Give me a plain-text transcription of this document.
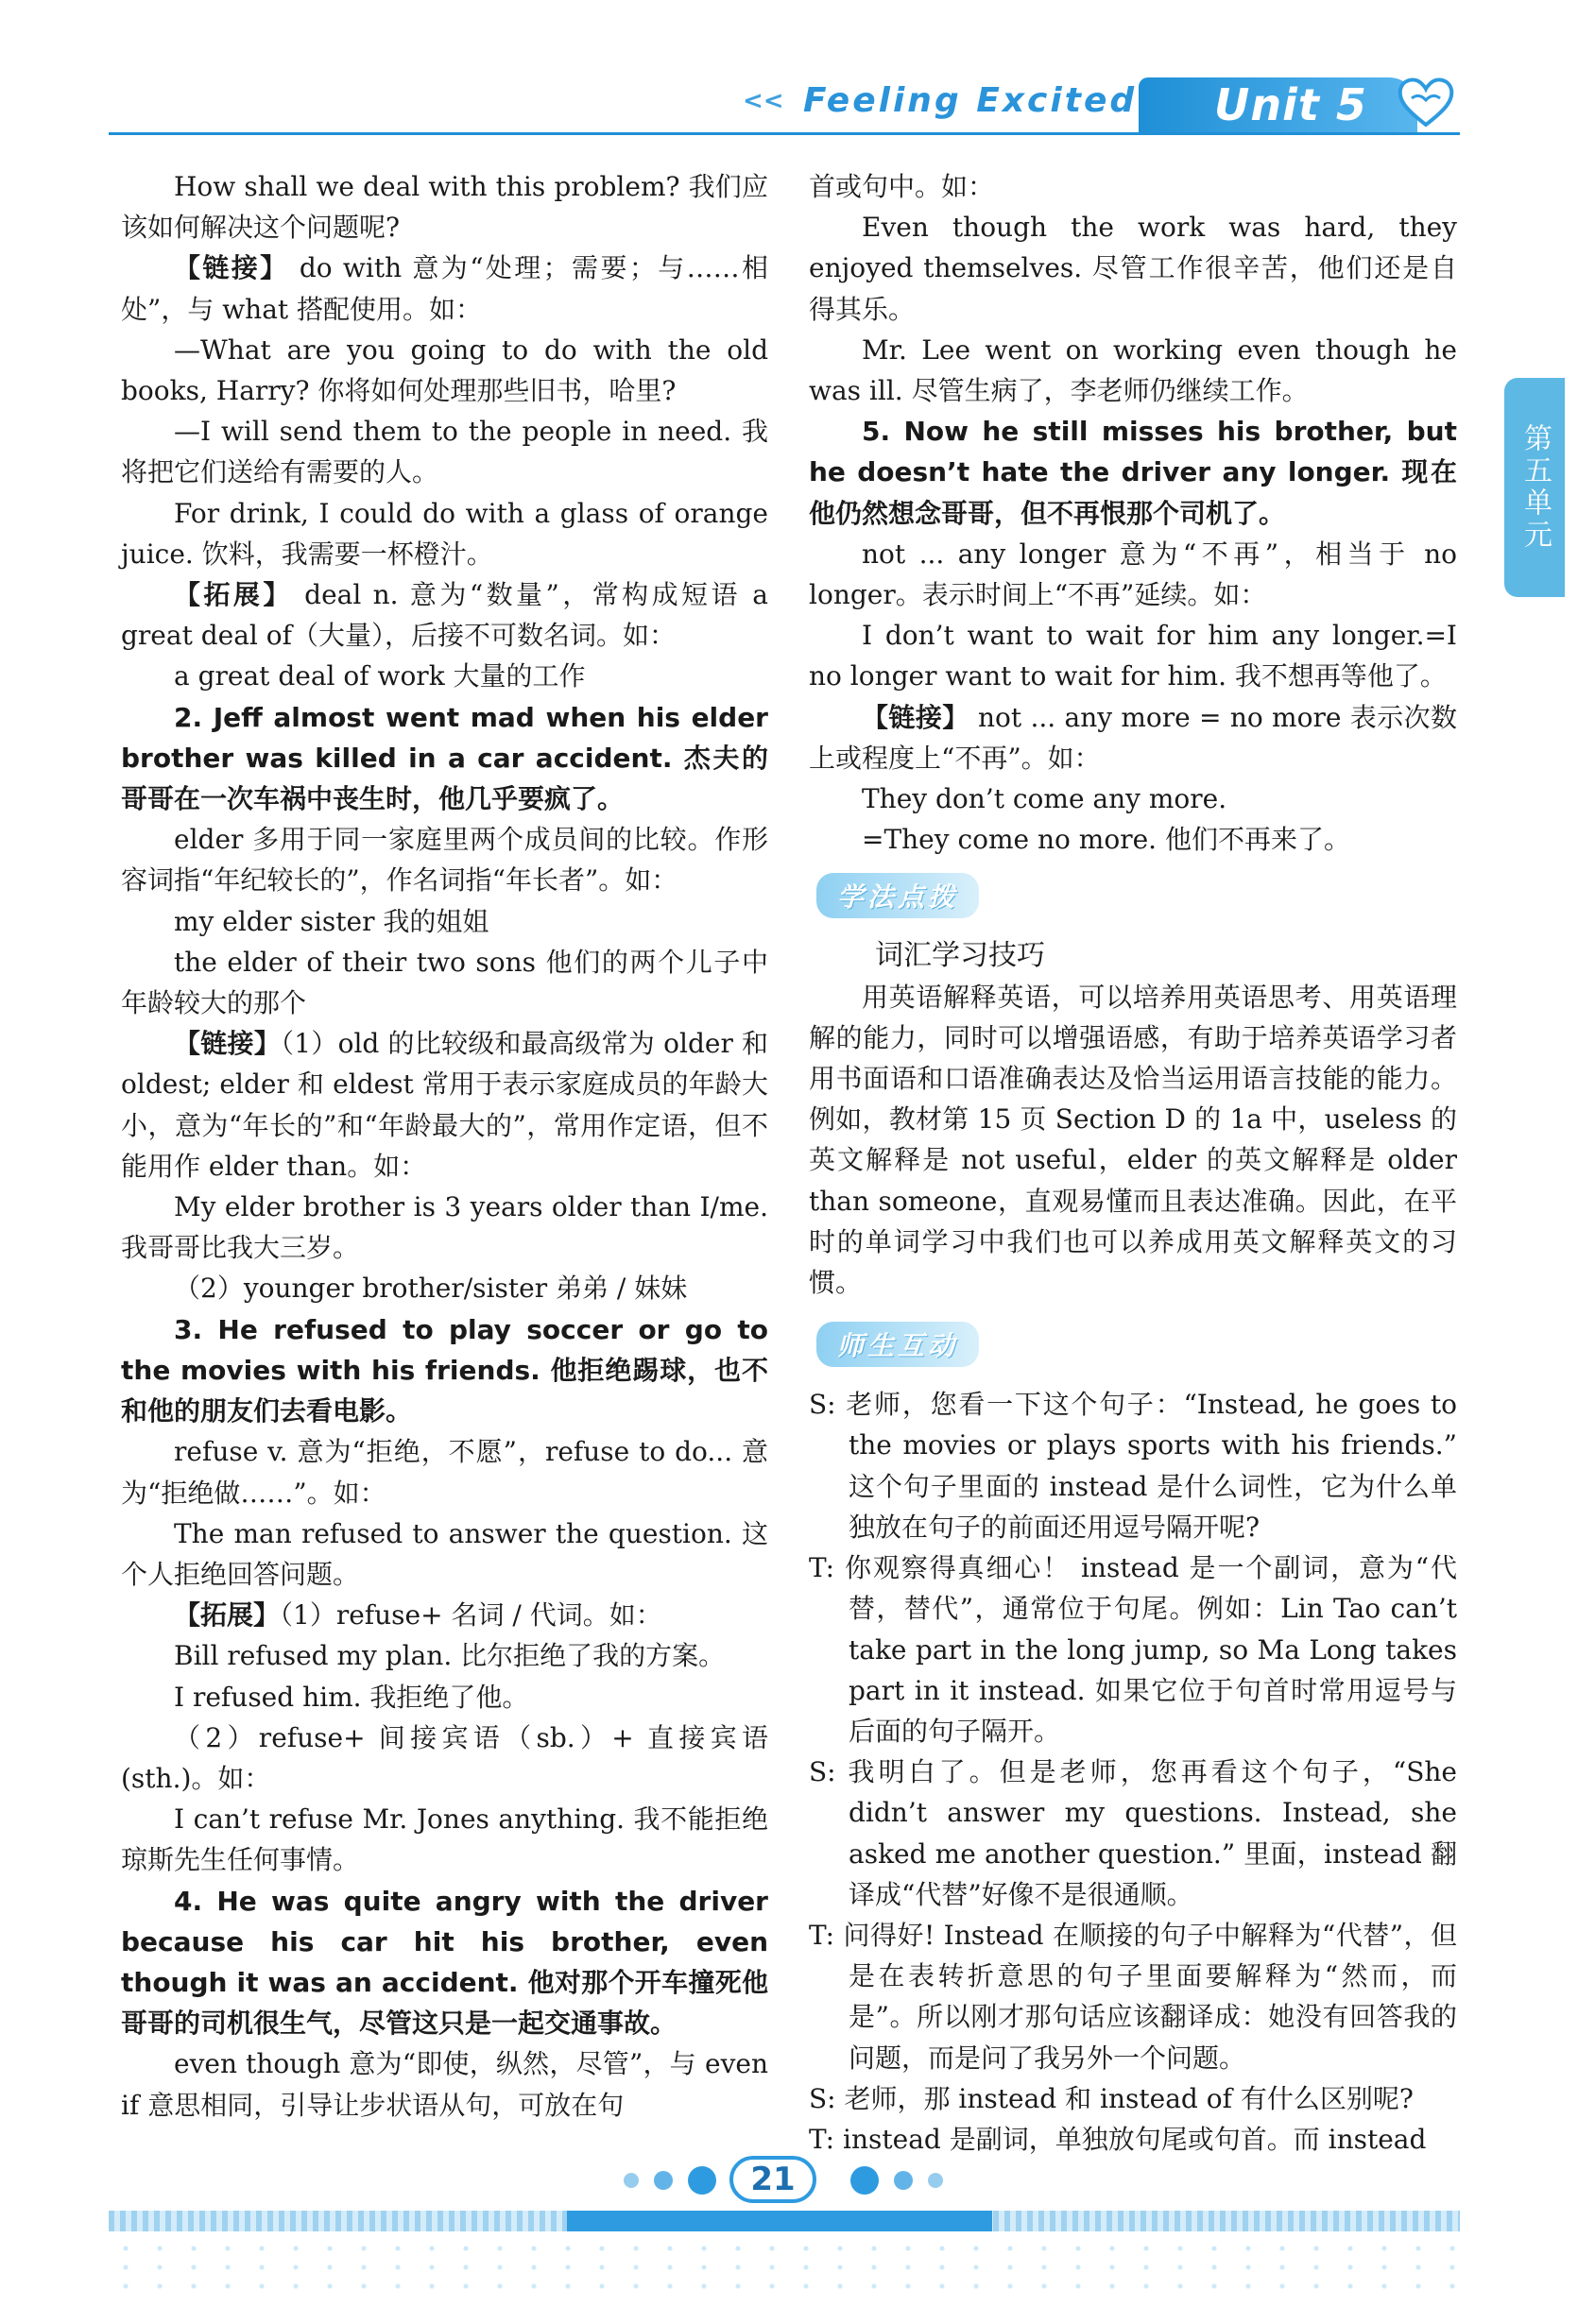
<< Feeling Excited Unit 5
第五单元

How shall we deal with this problem? 我们应该如何解决这个问题呢?

【链接】 do with 意为“处理；需要；与……相处”，与 what 搭配使用。如：

—What are you going to do with the old books, Harry? 你将如何处理那些旧书，哈里?

—I will send them to the people in need. 我将把它们送给有需要的人。

For drink, I could do with a glass of orange juice. 饮料，我需要一杯橙汁。

【拓展】 deal n. 意为“数量”，常构成短语 a great deal of（大量），后接不可数名词。如：

a great deal of work 大量的工作

2. Jeff almost went mad when his elder brother was killed in a car accident. 杰夫的哥哥在一次车祸中丧生时，他几乎要疯了。

elder 多用于同一家庭里两个成员间的比较。作形容词指“年纪较长的”，作名词指“年长者”。如：

my elder sister 我的姐姐

the elder of their two sons 他们的两个儿子中年龄较大的那个

【链接】（1）old 的比较级和最高级常为 older 和 oldest; elder 和 eldest 常用于表示家庭成员的年龄大小，意为“年长的”和“年龄最大的”，常用作定语，但不能用作 elder than。如：

My elder brother is 3 years older than I/me. 我哥哥比我大三岁。

（2）younger brother/sister 弟弟 / 妹妹

3. He refused to play soccer or go to the movies with his friends. 他拒绝踢球，也不和他的朋友们去看电影。

refuse v. 意为“拒绝，不愿”，refuse to do... 意为“拒绝做……”。如：

The man refused to answer the question. 这个人拒绝回答问题。

【拓展】（1）refuse+ 名词 / 代词。如：

Bill refused my plan. 比尔拒绝了我的方案。

I refused him. 我拒绝了他。

（2）refuse+ 间接宾语（sb.）+ 直接宾语 (sth.)。如：

I can’t refuse Mr. Jones anything. 我不能拒绝琼斯先生任何事情。

4. He was quite angry with the driver because his car hit his brother, even though it was an accident. 他对那个开车撞死他哥哥的司机很生气，尽管这只是一起交通事故。

even though 意为“即使，纵然，尽管”，与 even if 意思相同，引导让步状语从句，可放在句

首或句中。如：

Even though the work was hard, they enjoyed themselves. 尽管工作很辛苦，他们还是自得其乐。

Mr. Lee went on working even though he was ill. 尽管生病了，李老师仍继续工作。

5. Now he still misses his brother, but he doesn’t hate the driver any longer. 现在他仍然想念哥哥，但不再恨那个司机了。

not ... any longer 意为“不再”，相当于 no longer。表示时间上“不再”延续。如：

I don’t want to wait for him any longer.=I no longer want to wait for him. 我不想再等他了。

【链接】 not ... any more = no more 表示次数上或程度上“不再”。如：

They don’t come any more.

=They come no more. 他们不再来了。

学法点拨

词汇学习技巧

用英语解释英语，可以培养用英语思考、用英语理解的能力，同时可以增强语感，有助于培养英语学习者用书面语和口语准确表达及恰当运用语言技能的能力。例如，教材第 15 页 Section D 的 1a 中，useless 的英文解释是 not useful，elder 的英文解释是 older than someone，直观易懂而且表达准确。因此，在平时的单词学习中我们也可以养成用英文解释英文的习惯。

师生互动

S: 老师，您看一下这个句子：“Instead, he goes to the movies or plays sports with his friends.” 这个句子里面的 instead 是什么词性，它为什么单独放在句子的前面还用逗号隔开呢?

T: 你观察得真细心！ instead 是一个副词，意为“代替，替代”，通常位于句尾。例如：Lin Tao can’t take part in the long jump, so Ma Long takes part in it instead. 如果它位于句首时常用逗号与后面的句子隔开。

S: 我明白了。但是老师，您再看这个句子，“She didn’t answer my questions. Instead, she asked me another question.” 里面，instead 翻译成“代替”好像不是很通顺。

T: 问得好! Instead 在顺接的句子中解释为“代替”，但是在表转折意思的句子里面要解释为“然而，而是”。所以刚才那句话应该翻译成：她没有回答我的问题，而是问了我另外一个问题。

S: 老师，那 instead 和 instead of 有什么区别呢?

T: instead 是副词，单独放句尾或句首。而 instead

21
